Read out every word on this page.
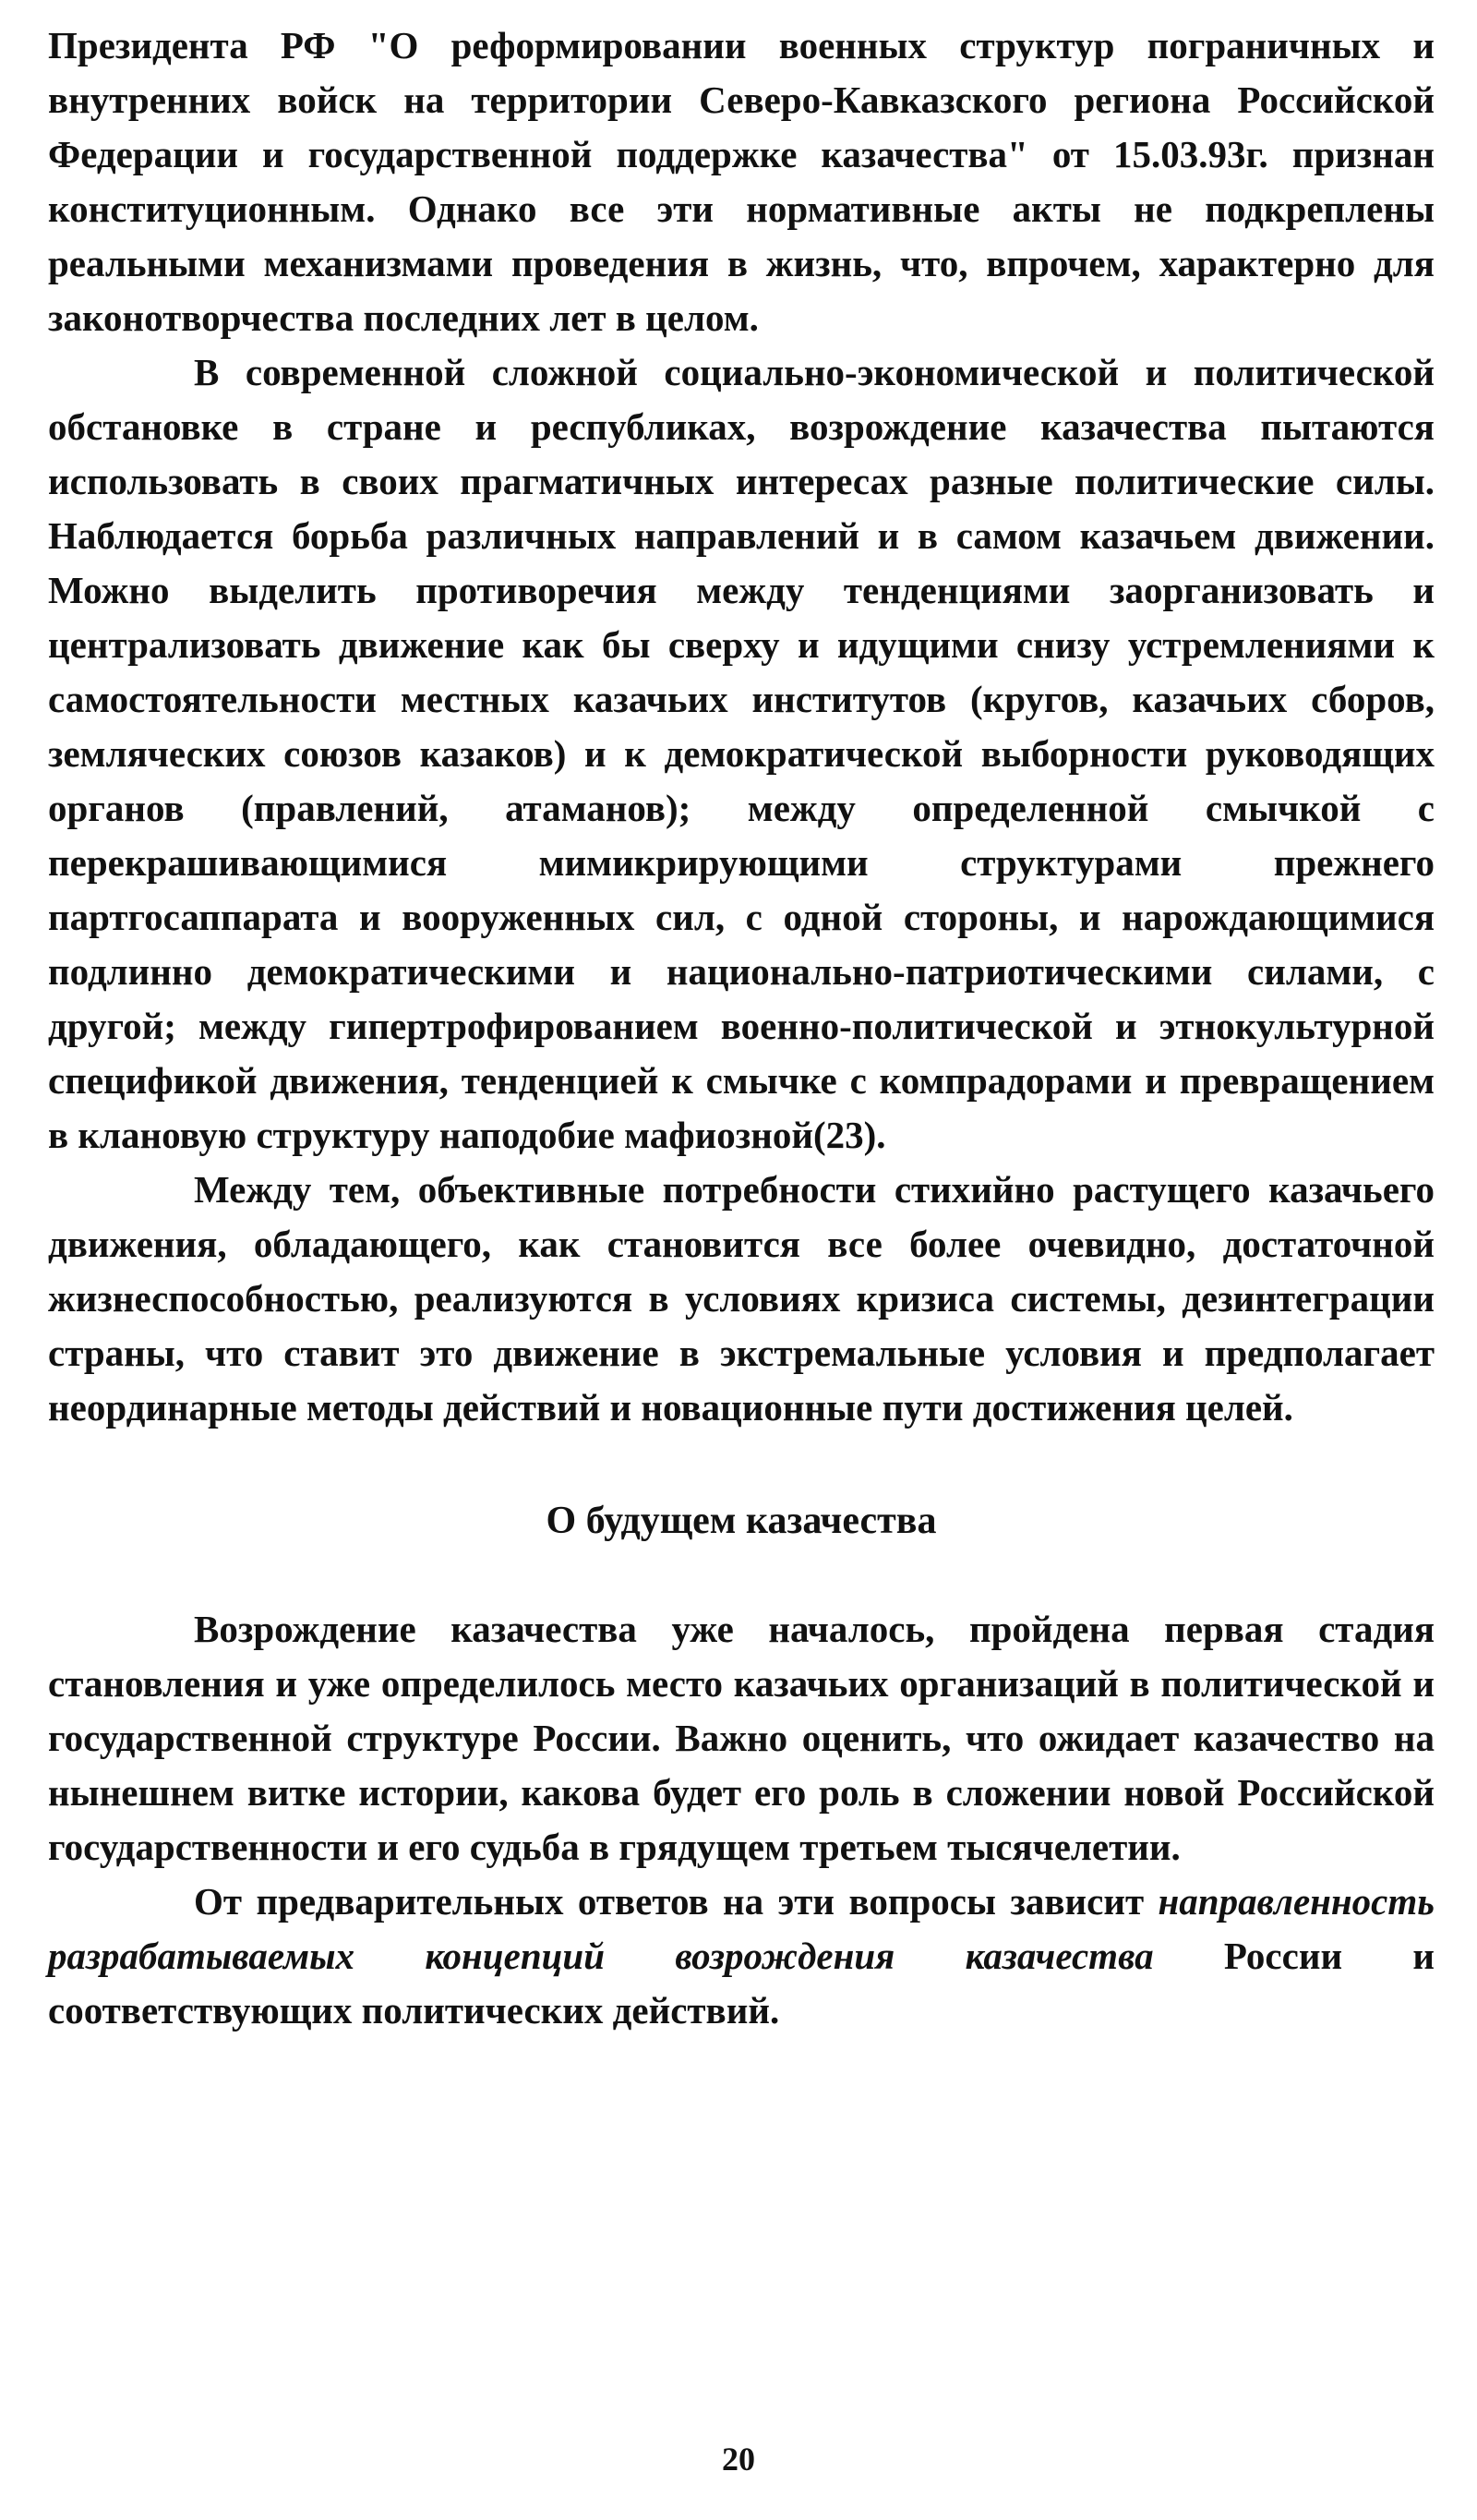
Президента РФ "О реформировании военных структур пограничных и внутренних войск на территории Северо-Кавказского региона Российской Федерации и государственной поддержке казачества" от 15.03.93г. признан конституционным. Однако все эти нормативные акты не подкреплены реальными механизмами проведения в жизнь, что, впрочем, характерно для законотворчества последних лет в целом.

В современной сложной социально-экономической и политической обстановке в стране и республиках, возрождение казачества пытаются использовать в своих прагматичных интересах разные политические силы. Наблюдается борьба различных направлений и в самом казачьем движении. Можно выделить противоречия между тенденциями заорганизовать и централизовать движение как бы сверху и идущими снизу устремлениями к самостоятельности местных казачьих институтов (кругов, казачьих сборов, земляческих союзов казаков) и к демократической выборности руководящих органов (правлений, атаманов); между определенной смычкой с перекрашивающимися мимикрирующими структурами прежнего партгосаппарата и вооруженных сил, с одной стороны, и нарождающимися подлинно демократическими и национально-патриотическими силами, с другой; между гипертрофированием военно-политической и этнокультурной спецификой движения, тенденцией к смычке с компрадорами и превращением в клановую структуру наподобие мафиозной(23).

Между тем, объективные потребности стихийно растущего казачьего движения, обладающего, как становится все более очевидно, достаточной жизнеспособностью, реализуются в условиях кризиса системы, дезинтеграции страны, что ставит это движение в экстремальные условия и предполагает неординарные методы действий и новационные пути достижения целей.

О будущем казачества

Возрождение казачества уже началось, пройдена первая стадия становления и уже определилось место казачьих организаций в политической и государственной структуре России. Важно оценить, что ожидает казачество на нынешнем витке истории, какова будет его роль в сложении новой Российской государственности и его судьба в грядущем третьем тысячелетии.

От предварительных ответов на эти вопросы зависит направленность разрабатываемых концепций возрождения казачества России и соответствующих политических действий.

20
